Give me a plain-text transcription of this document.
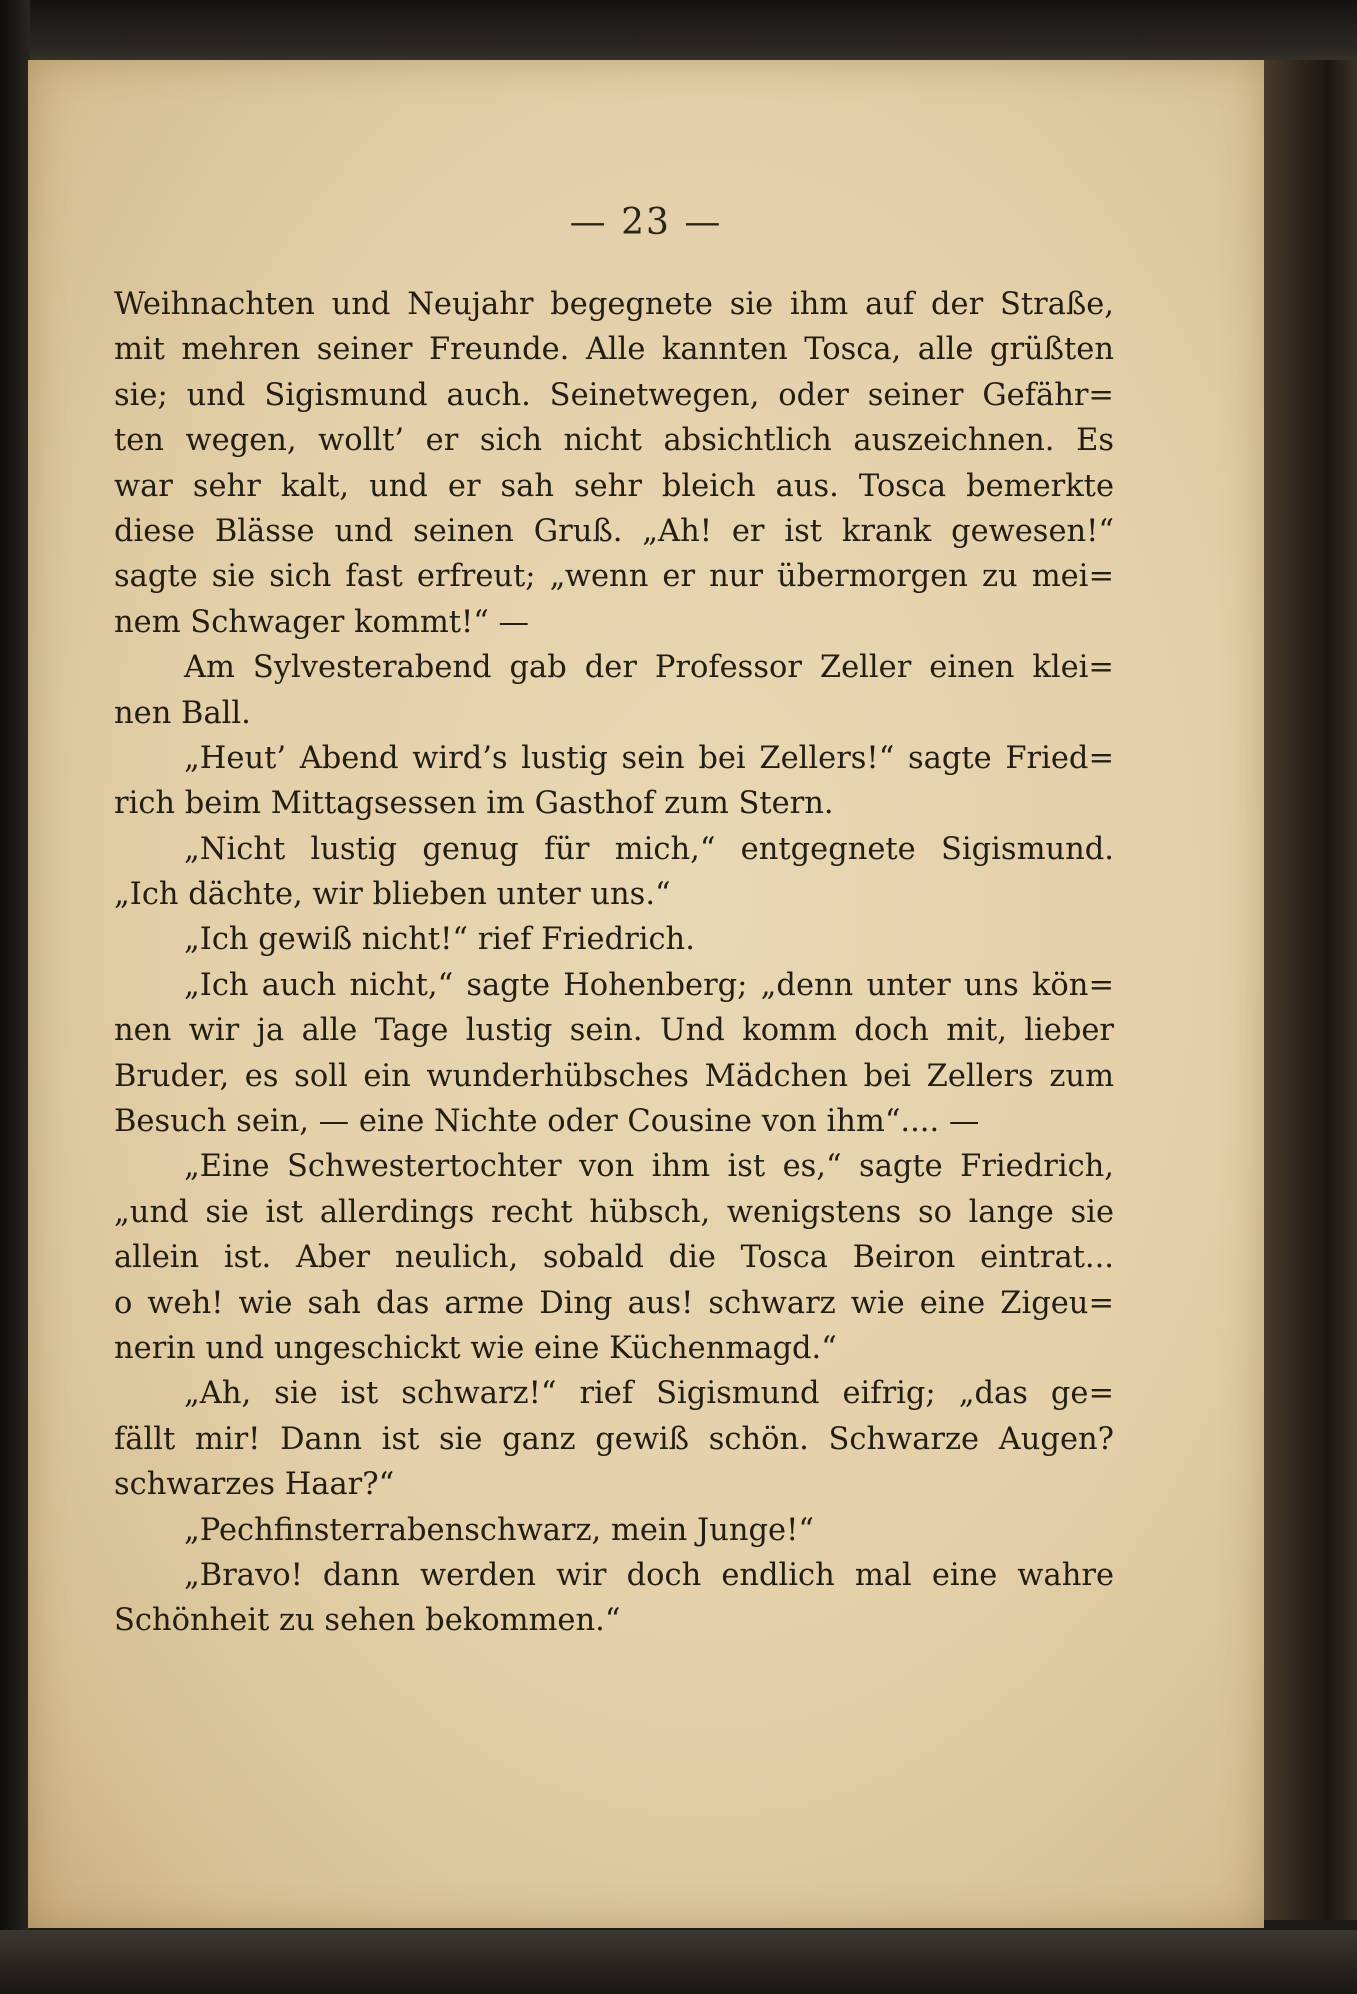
— 23 —
Weihnachten und Neujahr begegnete sie ihm auf der Straße,
mit mehren seiner Freunde. Alle kannten Tosca, alle grüßten
sie; und Sigismund auch. Seinetwegen, oder seiner Gefähr=
ten wegen, wollt’ er sich nicht absichtlich auszeichnen. Es
war sehr kalt, und er sah sehr bleich aus. Tosca bemerkte
diese Blässe und seinen Gruß. „Ah! er ist krank gewesen!“
sagte sie sich fast erfreut; „wenn er nur übermorgen zu mei=
nem Schwager kommt!“ —
Am Sylvesterabend gab der Professor Zeller einen klei=
nen Ball.
„Heut’ Abend wird’s lustig sein bei Zellers!“ sagte Fried=
rich beim Mittagsessen im Gasthof zum Stern.
„Nicht lustig genug für mich,“ entgegnete Sigismund.
„Ich dächte, wir blieben unter uns.“
„Ich gewiß nicht!“ rief Friedrich.
„Ich auch nicht,“ sagte Hohenberg; „denn unter uns kön=
nen wir ja alle Tage lustig sein. Und komm doch mit, lieber
Bruder, es soll ein wunderhübsches Mädchen bei Zellers zum
Besuch sein, — eine Nichte oder Cousine von ihm“.... —
„Eine Schwestertochter von ihm ist es,“ sagte Friedrich,
„und sie ist allerdings recht hübsch, wenigstens so lange sie
allein ist. Aber neulich, sobald die Tosca Beiron eintrat...
o weh! wie sah das arme Ding aus! schwarz wie eine Zigeu=
nerin und ungeschickt wie eine Küchenmagd.“
„Ah, sie ist schwarz!“ rief Sigismund eifrig; „das ge=
fällt mir! Dann ist sie ganz gewiß schön. Schwarze Augen?
schwarzes Haar?“
„Pechfinsterrabenschwarz, mein Junge!“
„Bravo! dann werden wir doch endlich mal eine wahre
Schönheit zu sehen bekommen.“
